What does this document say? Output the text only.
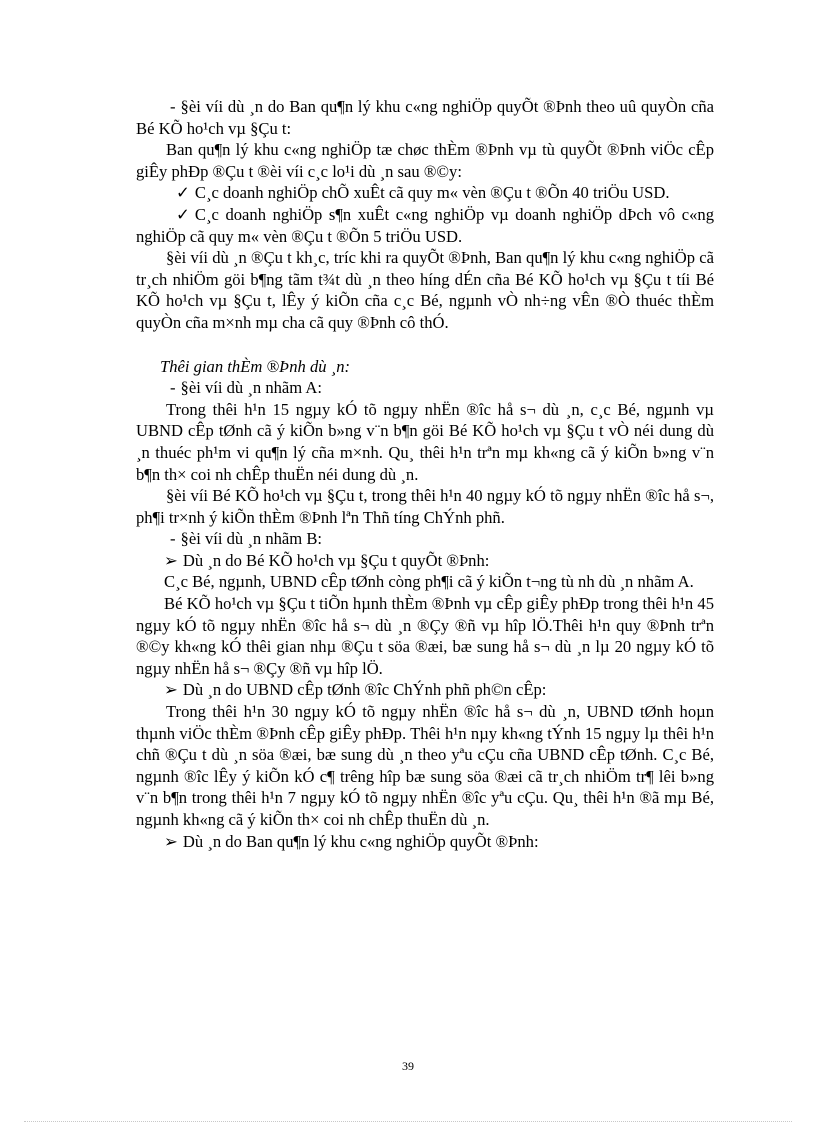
- §èi víi dù ¸n do Ban qu¶n lý khu c«ng nghiÖp quyÕt ®Þnh theo uû quyÒn cña Bé KÕ ho¹ch vµ §Çu t:

Ban qu¶n lý khu c«ng nghiÖp tæ chøc thÈm ®Þnh vµ tù quyÕt ®Þnh viÖc cÊp giÊy phÐp ®Çu t ®èi víi c¸c lo¹i dù ¸n sau ®©y:

✓ C¸c doanh nghiÖp chÕ xuÊt cã quy m« vèn ®Çu t ®Õn 40 triÖu USD.

✓ C¸c doanh nghiÖp s¶n xuÊt c«ng nghiÖp vµ doanh nghiÖp dÞch vô c«ng nghiÖp cã quy m« vèn ®Çu t ®Õn 5 triÖu USD.

§èi víi dù ¸n ®Çu t kh¸c, tríc khi ra quyÕt ®Þnh, Ban qu¶n lý khu c«ng nghiÖp cã tr¸ch nhiÖm göi b¶ng tãm t¾t dù ¸n theo híng dÉn cña Bé KÕ ho¹ch vµ §Çu t tíi Bé KÕ ho¹ch vµ §Çu t, lÊy ý kiÕn cña c¸c Bé, ngµnh vÒ nh÷ng vÊn ®Ò thuéc thÈm quyÒn cña m×nh mµ cha cã quy ®Þnh cô thÓ.

Thêi gian thÈm ®Þnh dù ¸n:

- §èi víi dù ¸n nhãm A:

Trong thêi h¹n 15 ngµy kÓ tõ ngµy nhËn ®îc hå s¬ dù ¸n, c¸c Bé, ngµnh vµ UBND cÊp tØnh cã ý kiÕn b»ng v¨n b¶n göi Bé KÕ ho¹ch vµ §Çu t vÒ néi dung dù ¸n thuéc ph¹m vi qu¶n lý cña m×nh. Qu¸ thêi h¹n trªn mµ kh«ng cã ý kiÕn b»ng v¨n b¶n th× coi nh chÊp thuËn néi dung dù ¸n.

§èi víi Bé KÕ ho¹ch vµ §Çu t, trong thêi h¹n 40 ngµy kÓ tõ ngµy nhËn ®îc hå s¬, ph¶i tr×nh ý kiÕn thÈm ®Þnh lªn Thñ tíng ChÝnh phñ.

- §èi víi dù ¸n nhãm B:

➢ Dù ¸n do Bé KÕ ho¹ch vµ §Çu t quyÕt ®Þnh:

C¸c Bé, ngµnh, UBND cÊp tØnh còng ph¶i cã ý kiÕn t¬ng tù nh dù ¸n nhãm A.

Bé KÕ ho¹ch vµ §Çu t tiÕn hµnh thÈm ®Þnh vµ cÊp giÊy phÐp trong thêi h¹n 45 ngµy kÓ tõ ngµy nhËn ®îc hå s¬ dù ¸n ®Çy ®ñ vµ hîp lÖ.Thêi h¹n quy ®Þnh trªn ®©y kh«ng kÓ thêi gian nhµ ®Çu t söa ®æi, bæ sung hå s¬ dù ¸n lµ 20 ngµy kÓ tõ ngµy nhËn hå s¬ ®Çy ®ñ vµ hîp lÖ.

➢ Dù ¸n do UBND cÊp tØnh ®îc ChÝnh phñ ph©n cÊp:

Trong thêi h¹n 30 ngµy kÓ tõ ngµy nhËn ®îc hå s¬ dù ¸n, UBND tØnh hoµn thµnh viÖc thÈm ®Þnh cÊp giÊy phÐp. Thêi h¹n nµy kh«ng tÝnh 15 ngµy lµ thêi h¹n chñ ®Çu t dù ¸n söa ®æi, bæ sung dù ¸n theo yªu cÇu cña UBND cÊp tØnh. C¸c Bé, ngµnh ®îc lÊy ý kiÕn kÓ c¶ trêng hîp bæ sung söa ®æi cã tr¸ch nhiÖm tr¶ lêi b»ng v¨n b¶n trong thêi h¹n 7 ngµy kÓ tõ ngµy nhËn ®îc yªu cÇu. Qu¸ thêi h¹n ®ã mµ Bé, ngµnh kh«ng cã ý kiÕn th× coi nh chÊp thuËn dù ¸n.

➢ Dù ¸n do Ban qu¶n lý khu c«ng nghiÖp quyÕt ®Þnh:

39
